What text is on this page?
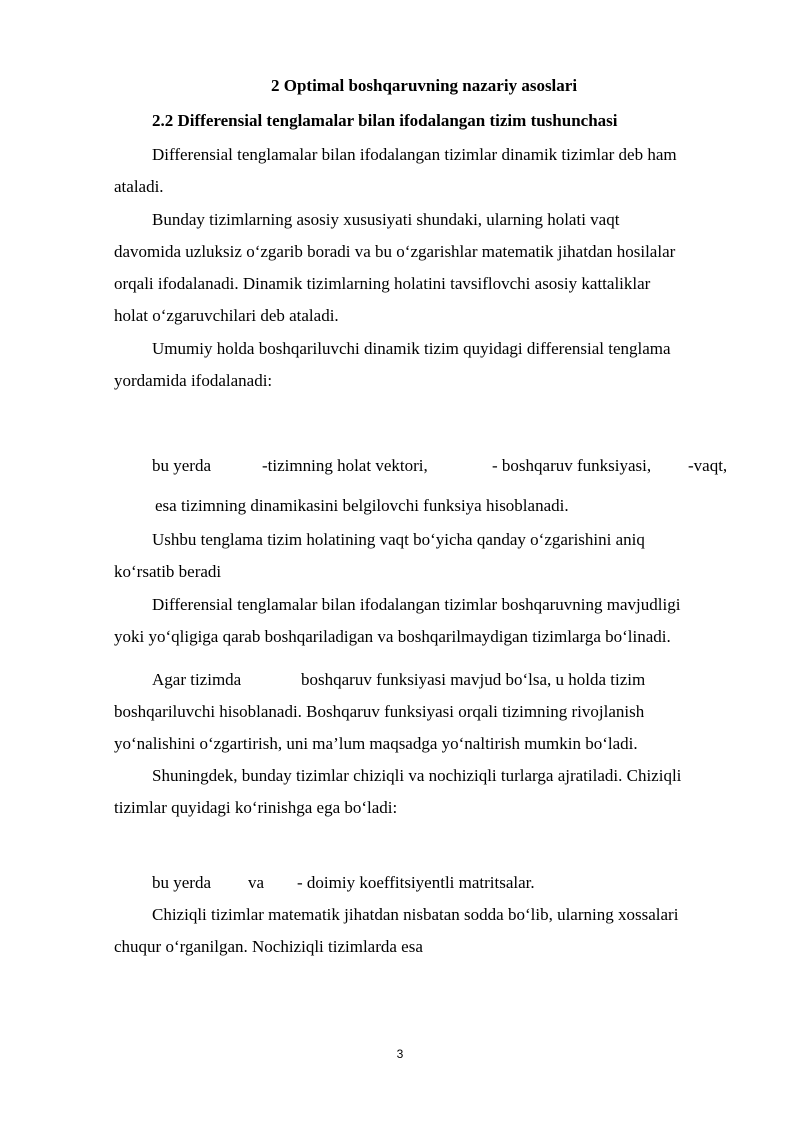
2 Optimal boshqaruvning nazariy asoslari
2.2 Differensial tenglamalar bilan ifodalangan tizim tushunchasi
Differensial tenglamalar bilan ifodalangan tizimlar dinamik tizimlar deb ham
ataladi.
Bunday tizimlarning asosiy xususiyati shundaki, ularning holati vaqt
davomida uzluksiz o‘zgarib boradi va bu o‘zgarishlar matematik jihatdan hosilalar
orqali ifodalanadi. Dinamik tizimlarning holatini tavsiflovchi asosiy kattaliklar
holat o‘zgaruvchilari deb ataladi.
Umumiy holda boshqariluvchi dinamik tizim quyidagi differensial tenglama
yordamida ifodalanadi:
bu yerda	-tizimning holat vektori,	- boshqaruv funksiyasi, -vaqt,
esa tizimning dinamikasini belgilovchi funksiya hisoblanadi.
Ushbu tenglama tizim holatining vaqt bo‘yicha qanday o‘zgarishini aniq
ko‘rsatib beradi
Differensial tenglamalar bilan ifodalangan tizimlar boshqaruvning mavjudligi
yoki yo‘qligiga qarab boshqariladigan va boshqarilmaydigan tizimlarga bo‘linadi.
Agar tizimda	boshqaruv funksiyasi mavjud bo‘lsa, u holda tizim
boshqariluvchi hisoblanadi. Boshqaruv funksiyasi orqali tizimning rivojlanish
yo‘nalishini o‘zgartirish, uni ma’lum maqsadga yo‘naltirish mumkin bo‘ladi.
Shuningdek, bunday tizimlar chiziqli va nochiziqli turlarga ajratiladi. Chiziqli
tizimlar quyidagi ko‘rinishga ega bo‘ladi:
bu yerda va - doimiy koeffitsiyentli matritsalar.
Chiziqli tizimlar matematik jihatdan nisbatan sodda bo‘lib, ularning xossalari
chuqur o‘rganilgan. Nochiziqli tizimlarda esa
3
